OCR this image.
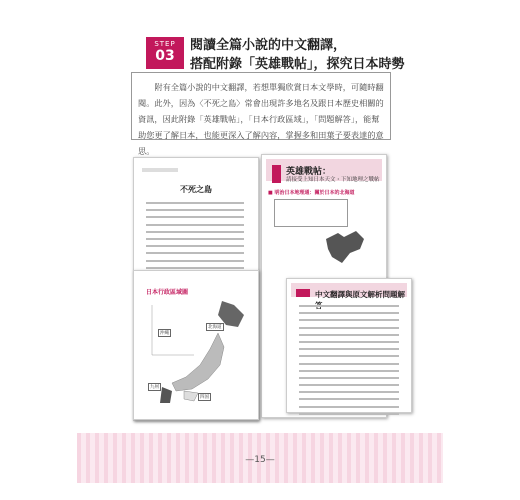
STEP
03
閱讀全篇小說的中文翻譯，
搭配附錄「英雄戰帖」，探究日本時勢

附有全篇小說的中文翻譯，若想單獨欣賞日本文學時，可隨時翻閱。此外，因為〈不死之島〉常會出現許多地名及跟日本歷史相關的資訊，因此附錄「英雄戰帖」，「日本行政區域」，「問題解答」，能幫助您更了解日本，也能更深入了解內容，掌握多和田葉子要表達的意思。

不死之島
英雄戰帖：
請接受上知日本天文・下知地理之戰帖
■ 明治日本地理通：關於日本的北海道
日本行政區域圖
北海道
沖縄
四国
九州
中文翻譯與原文解析問題解
—15—
